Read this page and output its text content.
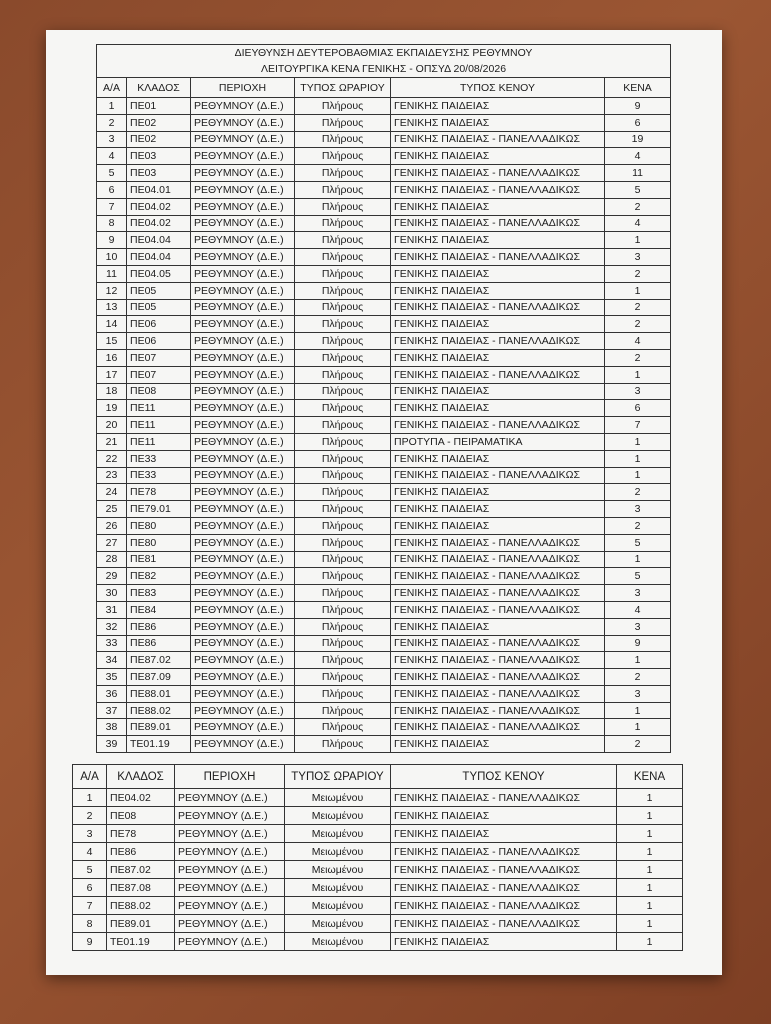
ΔΙΕΥΘΥΝΣΗ ΔΕΥΤΕΡΟΒΑΘΜΙΑΣ ΕΚΠΑΙΔΕΥΣΗΣ ΡΕΘΥΜΝΟΥ					
ΛΕΙΤΟΥΡΓΙΚΑ ΚΕΝΑ ΓΕΝΙΚΗΣ - ΟΠΣΥΔ 20/08/2026					
Α/Α	ΚΛΑΔΟΣ	ΠΕΡΙΟΧΗ	ΤΥΠΟΣ ΩΡΑΡΙΟΥ	ΤΥΠΟΣ ΚΕΝΟΥ	ΚΕΝΑ
1	ΠΕ01	ΡΕΘΥΜΝΟΥ (Δ.Ε.)	Πλήρους	ΓΕΝΙΚΗΣ ΠΑΙΔΕΙΑΣ	9
2	ΠΕ02	ΡΕΘΥΜΝΟΥ (Δ.Ε.)	Πλήρους	ΓΕΝΙΚΗΣ ΠΑΙΔΕΙΑΣ	6
3	ΠΕ02	ΡΕΘΥΜΝΟΥ (Δ.Ε.)	Πλήρους	ΓΕΝΙΚΗΣ ΠΑΙΔΕΙΑΣ - ΠΑΝΕΛΛΑΔΙΚΩΣ	19
4	ΠΕ03	ΡΕΘΥΜΝΟΥ (Δ.Ε.)	Πλήρους	ΓΕΝΙΚΗΣ ΠΑΙΔΕΙΑΣ	4
5	ΠΕ03	ΡΕΘΥΜΝΟΥ (Δ.Ε.)	Πλήρους	ΓΕΝΙΚΗΣ ΠΑΙΔΕΙΑΣ - ΠΑΝΕΛΛΑΔΙΚΩΣ	11
6	ΠΕ04.01	ΡΕΘΥΜΝΟΥ (Δ.Ε.)	Πλήρους	ΓΕΝΙΚΗΣ ΠΑΙΔΕΙΑΣ - ΠΑΝΕΛΛΑΔΙΚΩΣ	5
7	ΠΕ04.02	ΡΕΘΥΜΝΟΥ (Δ.Ε.)	Πλήρους	ΓΕΝΙΚΗΣ ΠΑΙΔΕΙΑΣ	2
8	ΠΕ04.02	ΡΕΘΥΜΝΟΥ (Δ.Ε.)	Πλήρους	ΓΕΝΙΚΗΣ ΠΑΙΔΕΙΑΣ - ΠΑΝΕΛΛΑΔΙΚΩΣ	4
9	ΠΕ04.04	ΡΕΘΥΜΝΟΥ (Δ.Ε.)	Πλήρους	ΓΕΝΙΚΗΣ ΠΑΙΔΕΙΑΣ	1
10	ΠΕ04.04	ΡΕΘΥΜΝΟΥ (Δ.Ε.)	Πλήρους	ΓΕΝΙΚΗΣ ΠΑΙΔΕΙΑΣ - ΠΑΝΕΛΛΑΔΙΚΩΣ	3
11	ΠΕ04.05	ΡΕΘΥΜΝΟΥ (Δ.Ε.)	Πλήρους	ΓΕΝΙΚΗΣ ΠΑΙΔΕΙΑΣ	2
12	ΠΕ05	ΡΕΘΥΜΝΟΥ (Δ.Ε.)	Πλήρους	ΓΕΝΙΚΗΣ ΠΑΙΔΕΙΑΣ	1
13	ΠΕ05	ΡΕΘΥΜΝΟΥ (Δ.Ε.)	Πλήρους	ΓΕΝΙΚΗΣ ΠΑΙΔΕΙΑΣ - ΠΑΝΕΛΛΑΔΙΚΩΣ	2
14	ΠΕ06	ΡΕΘΥΜΝΟΥ (Δ.Ε.)	Πλήρους	ΓΕΝΙΚΗΣ ΠΑΙΔΕΙΑΣ	2
15	ΠΕ06	ΡΕΘΥΜΝΟΥ (Δ.Ε.)	Πλήρους	ΓΕΝΙΚΗΣ ΠΑΙΔΕΙΑΣ - ΠΑΝΕΛΛΑΔΙΚΩΣ	4
16	ΠΕ07	ΡΕΘΥΜΝΟΥ (Δ.Ε.)	Πλήρους	ΓΕΝΙΚΗΣ ΠΑΙΔΕΙΑΣ	2
17	ΠΕ07	ΡΕΘΥΜΝΟΥ (Δ.Ε.)	Πλήρους	ΓΕΝΙΚΗΣ ΠΑΙΔΕΙΑΣ - ΠΑΝΕΛΛΑΔΙΚΩΣ	1
18	ΠΕ08	ΡΕΘΥΜΝΟΥ (Δ.Ε.)	Πλήρους	ΓΕΝΙΚΗΣ ΠΑΙΔΕΙΑΣ	3
19	ΠΕ11	ΡΕΘΥΜΝΟΥ (Δ.Ε.)	Πλήρους	ΓΕΝΙΚΗΣ ΠΑΙΔΕΙΑΣ	6
20	ΠΕ11	ΡΕΘΥΜΝΟΥ (Δ.Ε.)	Πλήρους	ΓΕΝΙΚΗΣ ΠΑΙΔΕΙΑΣ - ΠΑΝΕΛΛΑΔΙΚΩΣ	7
21	ΠΕ11	ΡΕΘΥΜΝΟΥ (Δ.Ε.)	Πλήρους	ΠΡΟΤΥΠΑ - ΠΕΙΡΑΜΑΤΙΚΑ	1
22	ΠΕ33	ΡΕΘΥΜΝΟΥ (Δ.Ε.)	Πλήρους	ΓΕΝΙΚΗΣ ΠΑΙΔΕΙΑΣ	1
23	ΠΕ33	ΡΕΘΥΜΝΟΥ (Δ.Ε.)	Πλήρους	ΓΕΝΙΚΗΣ ΠΑΙΔΕΙΑΣ - ΠΑΝΕΛΛΑΔΙΚΩΣ	1
24	ΠΕ78	ΡΕΘΥΜΝΟΥ (Δ.Ε.)	Πλήρους	ΓΕΝΙΚΗΣ ΠΑΙΔΕΙΑΣ	2
25	ΠΕ79.01	ΡΕΘΥΜΝΟΥ (Δ.Ε.)	Πλήρους	ΓΕΝΙΚΗΣ ΠΑΙΔΕΙΑΣ	3
26	ΠΕ80	ΡΕΘΥΜΝΟΥ (Δ.Ε.)	Πλήρους	ΓΕΝΙΚΗΣ ΠΑΙΔΕΙΑΣ	2
27	ΠΕ80	ΡΕΘΥΜΝΟΥ (Δ.Ε.)	Πλήρους	ΓΕΝΙΚΗΣ ΠΑΙΔΕΙΑΣ - ΠΑΝΕΛΛΑΔΙΚΩΣ	5
28	ΠΕ81	ΡΕΘΥΜΝΟΥ (Δ.Ε.)	Πλήρους	ΓΕΝΙΚΗΣ ΠΑΙΔΕΙΑΣ - ΠΑΝΕΛΛΑΔΙΚΩΣ	1
29	ΠΕ82	ΡΕΘΥΜΝΟΥ (Δ.Ε.)	Πλήρους	ΓΕΝΙΚΗΣ ΠΑΙΔΕΙΑΣ - ΠΑΝΕΛΛΑΔΙΚΩΣ	5
30	ΠΕ83	ΡΕΘΥΜΝΟΥ (Δ.Ε.)	Πλήρους	ΓΕΝΙΚΗΣ ΠΑΙΔΕΙΑΣ - ΠΑΝΕΛΛΑΔΙΚΩΣ	3
31	ΠΕ84	ΡΕΘΥΜΝΟΥ (Δ.Ε.)	Πλήρους	ΓΕΝΙΚΗΣ ΠΑΙΔΕΙΑΣ - ΠΑΝΕΛΛΑΔΙΚΩΣ	4
32	ΠΕ86	ΡΕΘΥΜΝΟΥ (Δ.Ε.)	Πλήρους	ΓΕΝΙΚΗΣ ΠΑΙΔΕΙΑΣ	3
33	ΠΕ86	ΡΕΘΥΜΝΟΥ (Δ.Ε.)	Πλήρους	ΓΕΝΙΚΗΣ ΠΑΙΔΕΙΑΣ - ΠΑΝΕΛΛΑΔΙΚΩΣ	9
34	ΠΕ87.02	ΡΕΘΥΜΝΟΥ (Δ.Ε.)	Πλήρους	ΓΕΝΙΚΗΣ ΠΑΙΔΕΙΑΣ - ΠΑΝΕΛΛΑΔΙΚΩΣ	1
35	ΠΕ87.09	ΡΕΘΥΜΝΟΥ (Δ.Ε.)	Πλήρους	ΓΕΝΙΚΗΣ ΠΑΙΔΕΙΑΣ - ΠΑΝΕΛΛΑΔΙΚΩΣ	2
36	ΠΕ88.01	ΡΕΘΥΜΝΟΥ (Δ.Ε.)	Πλήρους	ΓΕΝΙΚΗΣ ΠΑΙΔΕΙΑΣ - ΠΑΝΕΛΛΑΔΙΚΩΣ	3
37	ΠΕ88.02	ΡΕΘΥΜΝΟΥ (Δ.Ε.)	Πλήρους	ΓΕΝΙΚΗΣ ΠΑΙΔΕΙΑΣ - ΠΑΝΕΛΛΑΔΙΚΩΣ	1
38	ΠΕ89.01	ΡΕΘΥΜΝΟΥ (Δ.Ε.)	Πλήρους	ΓΕΝΙΚΗΣ ΠΑΙΔΕΙΑΣ - ΠΑΝΕΛΛΑΔΙΚΩΣ	1
39	ΤΕ01.19	ΡΕΘΥΜΝΟΥ (Δ.Ε.)	Πλήρους	ΓΕΝΙΚΗΣ ΠΑΙΔΕΙΑΣ	2
Α/Α	ΚΛΑΔΟΣ	ΠΕΡΙΟΧΗ	ΤΥΠΟΣ ΩΡΑΡΙΟΥ	ΤΥΠΟΣ ΚΕΝΟΥ	ΚΕΝΑ
1	ΠΕ04.02	ΡΕΘΥΜΝΟΥ (Δ.Ε.)	Μειωμένου	ΓΕΝΙΚΗΣ ΠΑΙΔΕΙΑΣ - ΠΑΝΕΛΛΑΔΙΚΩΣ	1
2	ΠΕ08	ΡΕΘΥΜΝΟΥ (Δ.Ε.)	Μειωμένου	ΓΕΝΙΚΗΣ ΠΑΙΔΕΙΑΣ	1
3	ΠΕ78	ΡΕΘΥΜΝΟΥ (Δ.Ε.)	Μειωμένου	ΓΕΝΙΚΗΣ ΠΑΙΔΕΙΑΣ	1
4	ΠΕ86	ΡΕΘΥΜΝΟΥ (Δ.Ε.)	Μειωμένου	ΓΕΝΙΚΗΣ ΠΑΙΔΕΙΑΣ - ΠΑΝΕΛΛΑΔΙΚΩΣ	1
5	ΠΕ87.02	ΡΕΘΥΜΝΟΥ (Δ.Ε.)	Μειωμένου	ΓΕΝΙΚΗΣ ΠΑΙΔΕΙΑΣ - ΠΑΝΕΛΛΑΔΙΚΩΣ	1
6	ΠΕ87.08	ΡΕΘΥΜΝΟΥ (Δ.Ε.)	Μειωμένου	ΓΕΝΙΚΗΣ ΠΑΙΔΕΙΑΣ - ΠΑΝΕΛΛΑΔΙΚΩΣ	1
7	ΠΕ88.02	ΡΕΘΥΜΝΟΥ (Δ.Ε.)	Μειωμένου	ΓΕΝΙΚΗΣ ΠΑΙΔΕΙΑΣ - ΠΑΝΕΛΛΑΔΙΚΩΣ	1
8	ΠΕ89.01	ΡΕΘΥΜΝΟΥ (Δ.Ε.)	Μειωμένου	ΓΕΝΙΚΗΣ ΠΑΙΔΕΙΑΣ - ΠΑΝΕΛΛΑΔΙΚΩΣ	1
9	ΤΕ01.19	ΡΕΘΥΜΝΟΥ (Δ.Ε.)	Μειωμένου	ΓΕΝΙΚΗΣ ΠΑΙΔΕΙΑΣ	1
